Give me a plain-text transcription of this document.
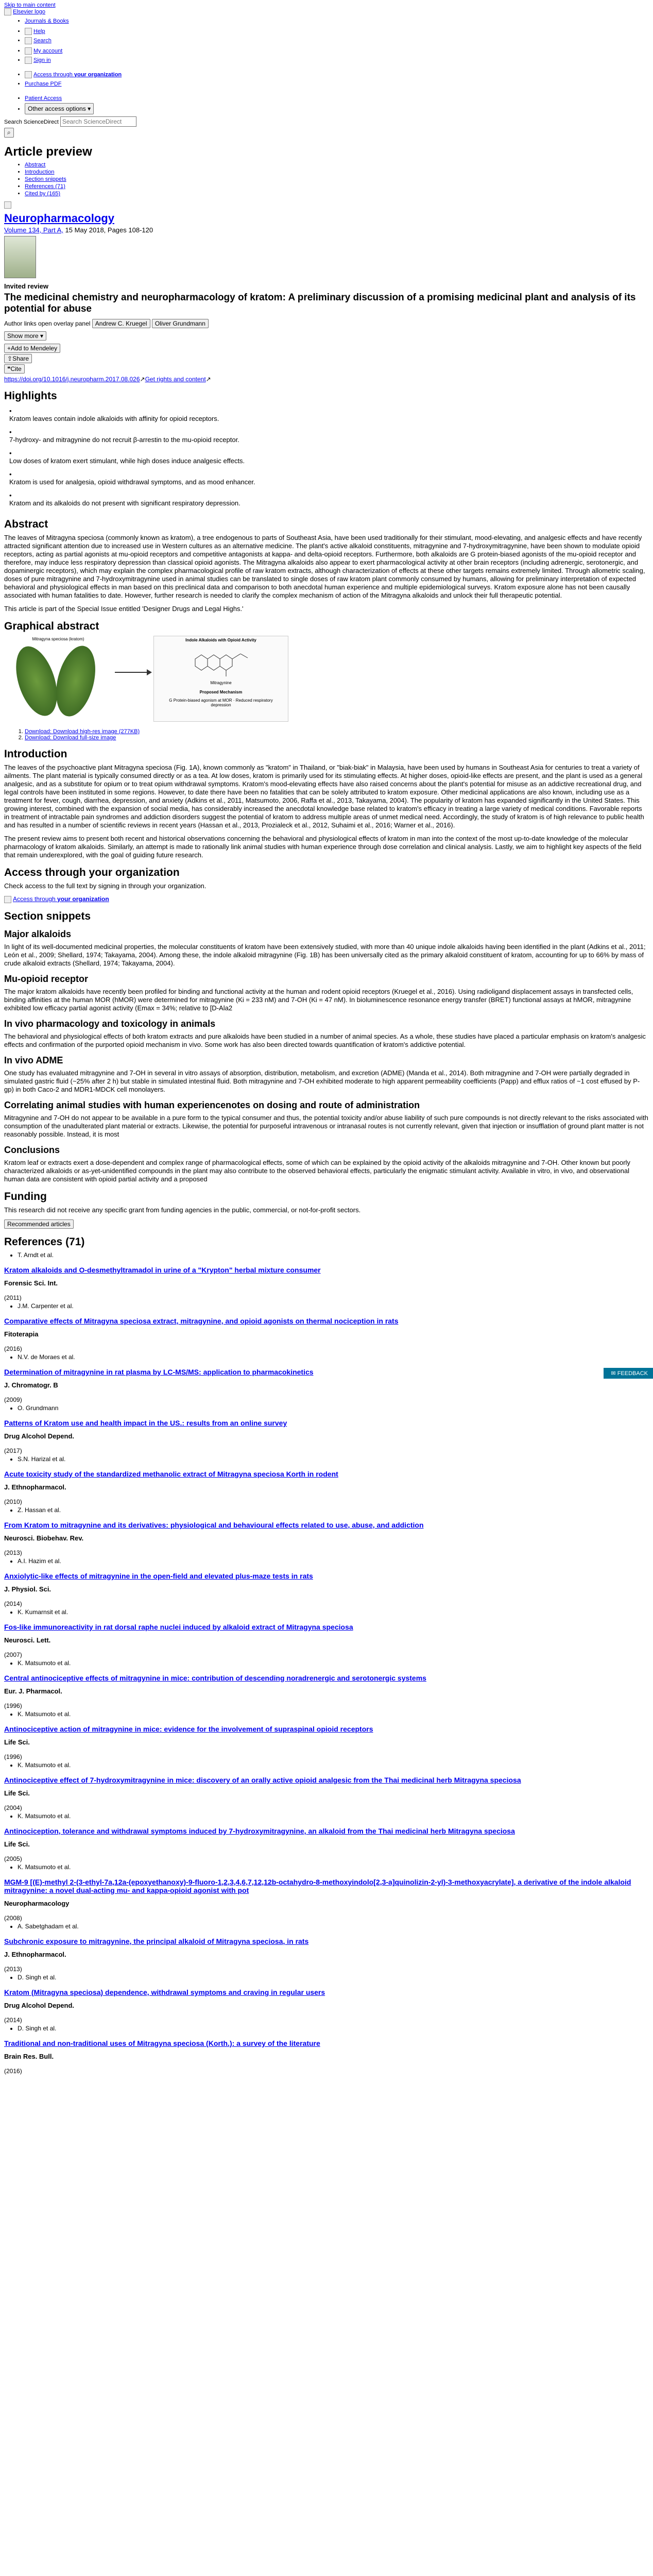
Skip to main content
Elsevier logo
• Journals & Books
• Help
• Search
• My account
• Sign in
• Access through your organization
• Purchase PDF
• Patient Access
• Other access options ▾
Search ScienceDirect Search ScienceDirect
⌕
Article preview
• Abstract
• Introduction
• Section snippets
• References (71)
• Cited by (165)
Neuropharmacology
Volume 134, Part A, 15 May 2018, Pages 108-120
Invited review
The medicinal chemistry and neuropharmacology of kratom: A preliminary discussion of a promising medicinal plant and analysis of its potential for abuse
Author links open overlay panel Andrew C. Kruegel Oliver Grundmann
Show more ▾
+Add to Mendeley
⇪Share
❝Cite
https://doi.org/10.1016/j.neuropharm.2017.08.026↗Get rights and content↗
Highlights
•
Kratom leaves contain indole alkaloids with affinity for opioid receptors.
•
7-hydroxy- and mitragynine do not recruit β-arrestin to the mu-opioid receptor.
•
Low doses of kratom exert stimulant, while high doses induce analgesic effects.
•
Kratom is used for analgesia, opioid withdrawal symptoms, and as mood enhancer.
•
Kratom and its alkaloids do not present with significant respiratory depression.
Abstract

The leaves of Mitragyna speciosa (commonly known as kratom), a tree endogenous to parts of Southeast Asia, have been used traditionally for their stimulant, mood-elevating, and analgesic effects and have recently attracted significant attention due to increased use in Western cultures as an alternative medicine. The plant's active alkaloid constituents, mitragynine and 7-hydroxymitragynine, have been shown to modulate opioid receptors, acting as partial agonists at mu-opioid receptors and competitive antagonists at kappa- and delta-opioid receptors. Furthermore, both alkaloids are G protein-biased agonists of the mu-opioid receptor and therefore, may induce less respiratory depression than classical opioid agonists. The Mitragyna alkaloids also appear to exert pharmacological activity at other brain receptors (including adrenergic, serotonergic, and dopaminergic receptors), which may explain the complex pharmacological profile of raw kratom extracts, although characterization of effects at these other targets remains extremely limited. Through allometric scaling, doses of pure mitragynine and 7-hydroxymitragynine used in animal studies can be translated to single doses of raw kratom plant commonly consumed by humans, allowing for preliminary interpretation of expected behavioral and physiological effects in man based on this preclinical data and comparison to both anecdotal human experience and multiple epidemiological surveys. Kratom exposure alone has not been causally associated with human fatalities to date. However, further research is needed to clarify the complex mechanism of action of the Mitragyna alkaloids and unlock their full therapeutic potential.

This article is part of the Special Issue entitled 'Designer Drugs and Legal Highs.'

Graphical abstract
Mitragyna speciosa (kratom)	Indole Alkaloids with Opioid Activity
Mitragynine
Proposed Mechanism
G Protein-biased agonism at MOR · Reduced respiratory depression
1. Download: Download high-res image (277KB)
2. Download: Download full-size image
Introduction

The leaves of the psychoactive plant Mitragyna speciosa (Fig. 1A), known commonly as "kratom" in Thailand, or "biak-biak" in Malaysia, have been used by humans in Southeast Asia for centuries to treat a variety of ailments. The plant material is typically consumed directly or as a tea. At low doses, kratom is primarily used for its stimulating effects. At higher doses, opioid-like effects are present, and the plant is used as a general analgesic, and as a substitute for opium or to treat opium withdrawal symptoms. Kratom's mood-elevating effects have also raised concerns about the plant's potential for misuse as an addictive recreational drug, and legal controls have been instituted in some regions. However, to date there have been no fatalities that can be solely attributed to kratom exposure. Other medicinal applications are also known, including use as a treatment for fever, cough, diarrhea, depression, and anxiety (Adkins et al., 2011, Matsumoto, 2006, Raffa et al., 2013, Takayama, 2004). The popularity of kratom has expanded significantly in the United States. This growing interest, combined with the expansion of social media, has considerably increased the anecdotal knowledge base related to kratom's efficacy in treating a large variety of medical conditions. Favorable reports in treatment of intractable pain syndromes and addiction disorders suggest the potential of kratom to address multiple areas of unmet medical need. Accordingly, the study of kratom is of high relevance to public health and has resulted in a number of scientific reviews in recent years (Hassan et al., 2013, Prozialeck et al., 2012, Suhaimi et al., 2016; Warner et al., 2016).

The present review aims to present both recent and historical observations concerning the behavioral and physiological effects of kratom in man into the context of the most up-to-date knowledge of the molecular pharmacology of kratom alkaloids. Similarly, an attempt is made to rationally link animal studies with human experience through dose correlation and clinical analysis. Lastly, we aim to highlight key aspects of the field that remain underexplored, with the goal of guiding future research.

Access through your organization

Check access to the full text by signing in through your organization.

Access through your organization
Section snippets
Major alkaloids

In light of its well-documented medicinal properties, the molecular constituents of kratom have been extensively studied, with more than 40 unique indole alkaloids having been identified in the plant (Adkins et al., 2011; León et al., 2009; Shellard, 1974; Takayama, 2004). Among these, the indole alkaloid mitragynine (Fig. 1B) has been universally cited as the primary alkaloid constituent of kratom, accounting for up to 66% by mass of crude alkaloid extracts (Shellard, 1974; Takayama, 2004).

Mu-opioid receptor

The major kratom alkaloids have recently been profiled for binding and functional activity at the human and rodent opioid receptors (Kruegel et al., 2016). Using radioligand displacement assays in transfected cells, binding affinities at the human MOR (hMOR) were determined for mitragynine (Ki = 233 nM) and 7-OH (Ki = 47 nM). In bioluminescence resonance energy transfer (BRET) functional assays at hMOR, mitragynine exhibited low efficacy partial agonist activity (Emax = 34%; relative to [D-Ala2

In vivo pharmacology and toxicology in animals

The behavioral and physiological effects of both kratom extracts and pure alkaloids have been studied in a number of animal species. As a whole, these studies have placed a particular emphasis on kratom's analgesic effects and confirmation of the purported opioid mechanism in vivo. Some work has also been directed towards quantification of kratom's addictive potential.

In vivo ADME

One study has evaluated mitragynine and 7-OH in several in vitro assays of absorption, distribution, metabolism, and excretion (ADME) (Manda et al., 2014). Both mitragynine and 7-OH were partially degraded in simulated gastric fluid (~25% after 2 h) but stable in simulated intestinal fluid. Both mitragynine and 7-OH exhibited moderate to high apparent permeability coefficients (Papp) and efflux ratios of ~1 cost effused by P-gp) in both Caco-2 and MDR1-MDCK cell monolayers.

Correlating animal studies with human experiencenotes on dosing and route of administration

Mitragynine and 7-OH do not appear to be available in a pure form to the typical consumer and thus, the potential toxicity and/or abuse liability of such pure compounds is not directly relevant to the risks associated with consumption of the unadulterated plant material or extracts. Likewise, the potential for purposeful intravenous or intranasal routes is not currently relevant, given that injection or insufflation of ground plant matter is not reasonably possible. Instead, it is most

Conclusions

Kratom leaf or extracts exert a dose-dependent and complex range of pharmacological effects, some of which can be explained by the opioid activity of the alkaloids mitragynine and 7-OH. Other known but poorly characterized alkaloids or as-yet-unidentified compounds in the plant may also contribute to the observed behavioral effects, particularly the enigmatic stimulant activity. Available in vitro, in vivo, and observational human data are consistent with opioid partial activity and a proposed

Funding

This research did not receive any specific grant from funding agencies in the public, commercial, or not-for-profit sectors.

Recommended articles
References (71)
• T. Arndt et al.
Kratom alkaloids and O-desmethyltramadol in urine of a "Krypton" herbal mixture consumer
Forensic Sci. Int.
(2011)
• J.M. Carpenter et al.
Comparative effects of Mitragyna speciosa extract, mitragynine, and opioid agonists on thermal nociception in rats
Fitoterapia
(2016)
• N.V. de Moraes et al.
Determination of mitragynine in rat plasma by LC-MS/MS: application to pharmacokinetics
J. Chromatogr. B
(2009)
• O. Grundmann
Patterns of Kratom use and health impact in the US.: results from an online survey
Drug Alcohol Depend.
(2017)
• S.N. Harizal et al.
Acute toxicity study of the standardized methanolic extract of Mitragyna speciosa Korth in rodent
J. Ethnopharmacol.
(2010)
• Z. Hassan et al.
From Kratom to mitragynine and its derivatives: physiological and behavioural effects related to use, abuse, and addiction
Neurosci. Biobehav. Rev.
(2013)
• A.I. Hazim et al.
Anxiolytic-like effects of mitragynine in the open-field and elevated plus-maze tests in rats
J. Physiol. Sci.
(2014)
• K. Kumarnsit et al.
Fos-like immunoreactivity in rat dorsal raphe nuclei induced by alkaloid extract of Mitragyna speciosa
Neurosci. Lett.
(2007)
• K. Matsumoto et al.
Central antinociceptive effects of mitragynine in mice: contribution of descending noradrenergic and serotonergic systems
Eur. J. Pharmacol.
(1996)
• K. Matsumoto et al.
Antinociceptive action of mitragynine in mice: evidence for the involvement of supraspinal opioid receptors
Life Sci.
(1996)
• K. Matsumoto et al.
Antinociceptive effect of 7-hydroxymitragynine in mice: discovery of an orally active opioid analgesic from the Thai medicinal herb Mitragyna speciosa
Life Sci.
(2004)
• K. Matsumoto et al.
Antinociception, tolerance and withdrawal symptoms induced by 7-hydroxymitragynine, an alkaloid from the Thai medicinal herb Mitragyna speciosa
Life Sci.
(2005)
• K. Matsumoto et al.
MGM-9 [(E)-methyl 2-(3-ethyl-7a,12a-(epoxyethanoxy)-9-fluoro-1,2,3,4,6,7,12,12b-octahydro-8-methoxyindolo[2,3-a]quinolizin-2-yl)-3-methoxyacrylate], a derivative of the indole alkaloid mitragynine: a novel dual-acting mu- and kappa-opioid agonist with pot
Neuropharmacology
(2008)
• A. Sabetghadam et al.
Subchronic exposure to mitragynine, the principal alkaloid of Mitragyna speciosa, in rats
J. Ethnopharmacol.
(2013)
• D. Singh et al.
Kratom (Mitragyna speciosa) dependence, withdrawal symptoms and craving in regular users
Drug Alcohol Depend.
(2014)
• D. Singh et al.
Traditional and non-traditional uses of Mitragyna speciosa (Korth.): a survey of the literature
Brain Res. Bull.
(2016)
✉ FEEDBACK
